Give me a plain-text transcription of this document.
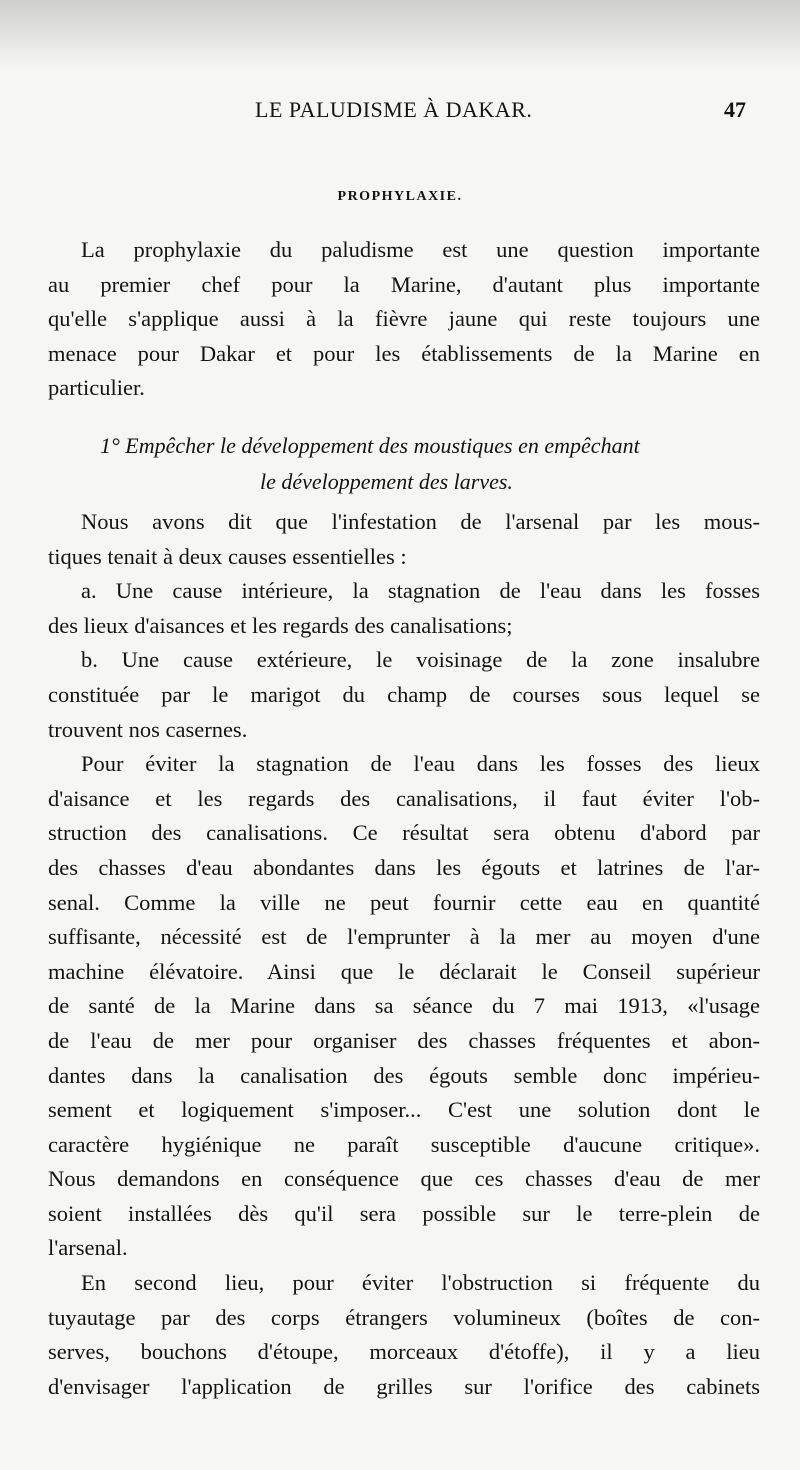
LE PALUDISME À DAKAR.	47
PROPHYLAXIE.
La prophylaxie du paludisme est une question importante
au premier chef pour la Marine, d'autant plus importante
qu'elle s'applique aussi à la fièvre jaune qui reste toujours une
menace pour Dakar et pour les établissements de la Marine en
particulier.
1° Empêcher le développement des moustiques en empêchant
le développement des larves.
Nous avons dit que l'infestation de l'arsenal par les mous-
tiques tenait à deux causes essentielles :
a. Une cause intérieure, la stagnation de l'eau dans les fosses
des lieux d'aisances et les regards des canalisations;
b. Une cause extérieure, le voisinage de la zone insalubre
constituée par le marigot du champ de courses sous lequel se
trouvent nos casernes.
Pour éviter la stagnation de l'eau dans les fosses des lieux
d'aisance et les regards des canalisations, il faut éviter l'ob-
struction des canalisations. Ce résultat sera obtenu d'abord par
des chasses d'eau abondantes dans les égouts et latrines de l'ar-
senal. Comme la ville ne peut fournir cette eau en quantité
suffisante, nécessité est de l'emprunter à la mer au moyen d'une
machine élévatoire. Ainsi que le déclarait le Conseil supérieur
de santé de la Marine dans sa séance du 7 mai 1913, «l'usage
de l'eau de mer pour organiser des chasses fréquentes et abon-
dantes dans la canalisation des égouts semble donc impérieu-
sement et logiquement s'imposer... C'est une solution dont le
caractère hygiénique ne paraît susceptible d'aucune critique».
Nous demandons en conséquence que ces chasses d'eau de mer
soient installées dès qu'il sera possible sur le terre-plein de
l'arsenal.
En second lieu, pour éviter l'obstruction si fréquente du
tuyautage par des corps étrangers volumineux (boîtes de con-
serves, bouchons d'étoupe, morceaux d'étoffe), il y a lieu
d'envisager l'application de grilles sur l'orifice des cabinets
